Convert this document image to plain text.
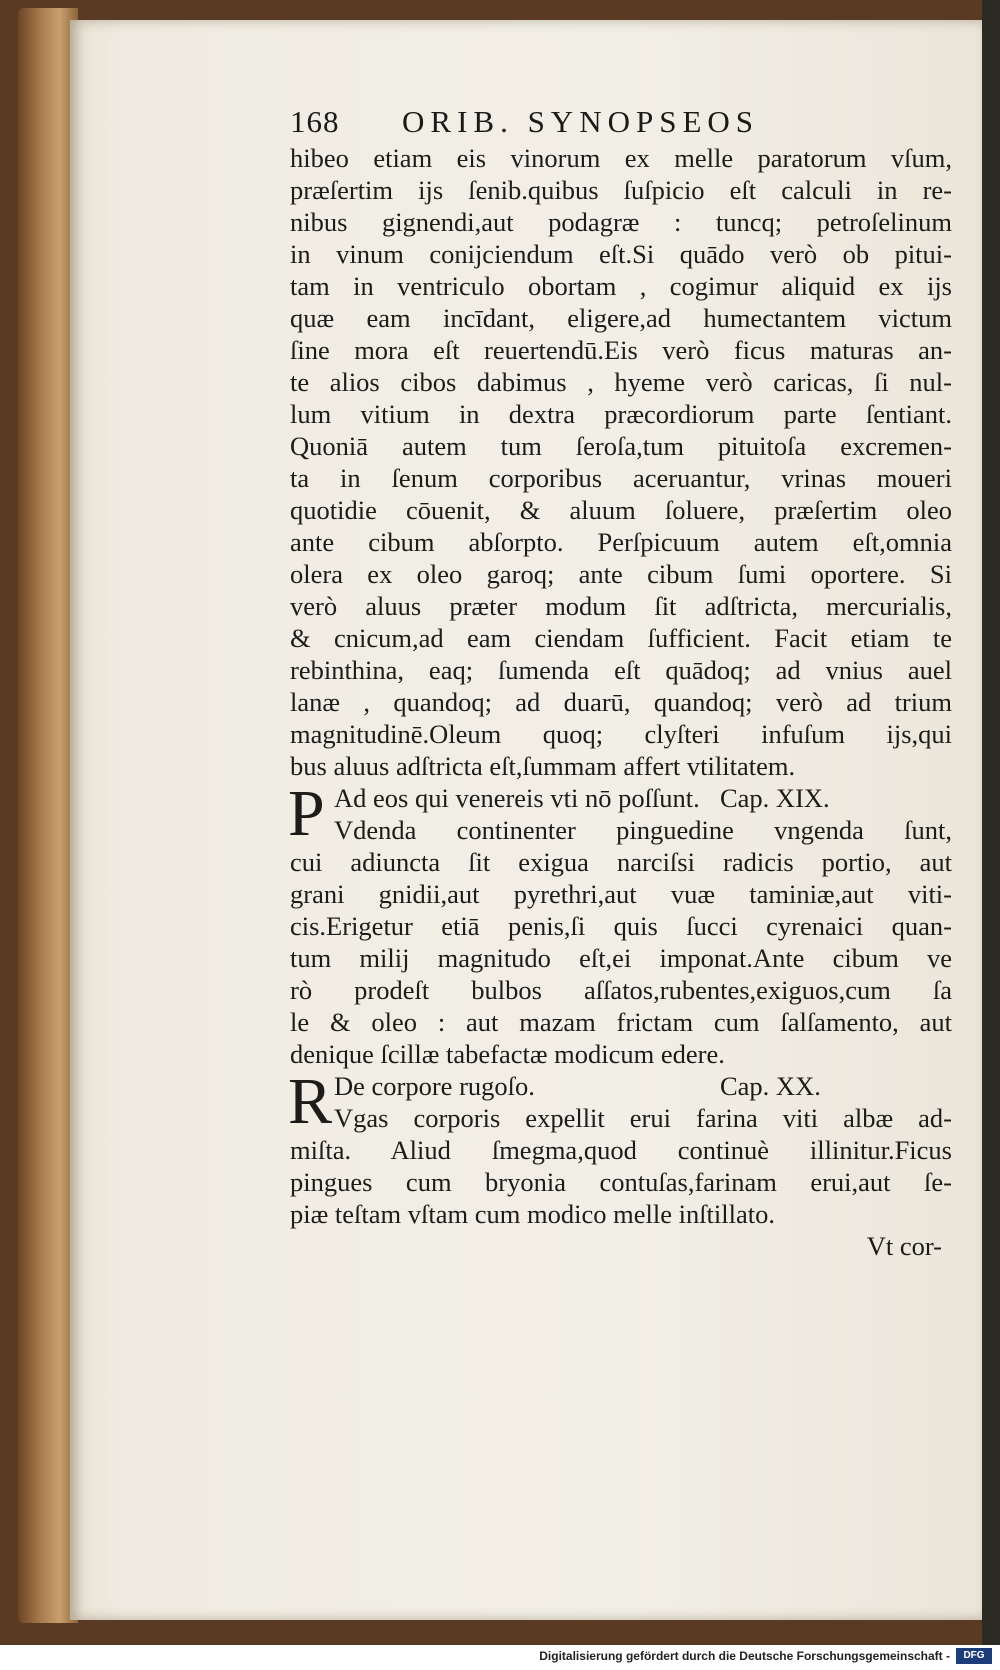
168 ORIB. SYNOPSEOS
hibeo etiam eis vinorum ex melle paratorum vſum,
præſertim ijs ſenib.quibus ſuſpicio eſt calculi in re-
nibus gignendi,aut podagræ : tuncq; petroſelinum
in vinum conijciendum eſt.Si quādo verò ob pitui-
tam in ventriculo obortam , cogimur aliquid ex ijs
quæ eam incīdant, eligere,ad humectantem victum
ſine mora eſt reuertendū.Eis verò ficus maturas an-
te alios cibos dabimus , hyeme verò caricas, ſi nul-
lum vitium in dextra præcordiorum parte ſentiant.
Quoniā autem tum ſeroſa,tum pituitoſa excremen-
ta in ſenum corporibus aceruantur, vrinas moueri
quotidie cōuenit, & aluum ſoluere, præſertim oleo
ante cibum abſorpto. Perſpicuum autem eſt,omnia
olera ex oleo garoq; ante cibum ſumi oportere. Si
verò aluus præter modum ſit adſtricta, mercurialis,
& cnicum,ad eam ciendam ſufficient. Facit etiam te
rebinthina, eaq; ſumenda eſt quādoq; ad vnius auel
lanæ , quandoq; ad duarū, quandoq; verò ad trium
magnitudinē.Oleum quoq; clyſteri infuſum ijs,qui
bus aluus adſtricta eſt,ſummam affert vtilitatem.
P Ad eos qui venereis vti nō poſſunt. Cap. XIX.
Vdenda continenter pinguedine vngenda ſunt,
cui adiuncta ſit exigua narciſsi radicis portio, aut
grani gnidii,aut pyrethri,aut vuæ taminiæ,aut viti-
cis.Erigetur etiā penis,ſi quis ſucci cyrenaici quan-
tum milij magnitudo eſt,ei imponat.Ante cibum ve
rò prodeſt bulbos aſſatos,rubentes,exiguos,cum ſa
le & oleo : aut mazam frictam cum ſalſamento, aut
denique ſcillæ tabefactæ modicum edere.
R De corpore rugoſo.	Cap. XX.
Vgas corporis expellit erui farina viti albæ ad-
miſta. Aliud ſmegma,quod continuè illinitur.Ficus
pingues cum bryonia contuſas,farinam erui,aut ſe-
piæ teſtam vſtam cum modico melle inſtillato.
Vt cor-
Digitalisierung gefördert durch die Deutsche Forschungsgemeinschaft -	DFG
